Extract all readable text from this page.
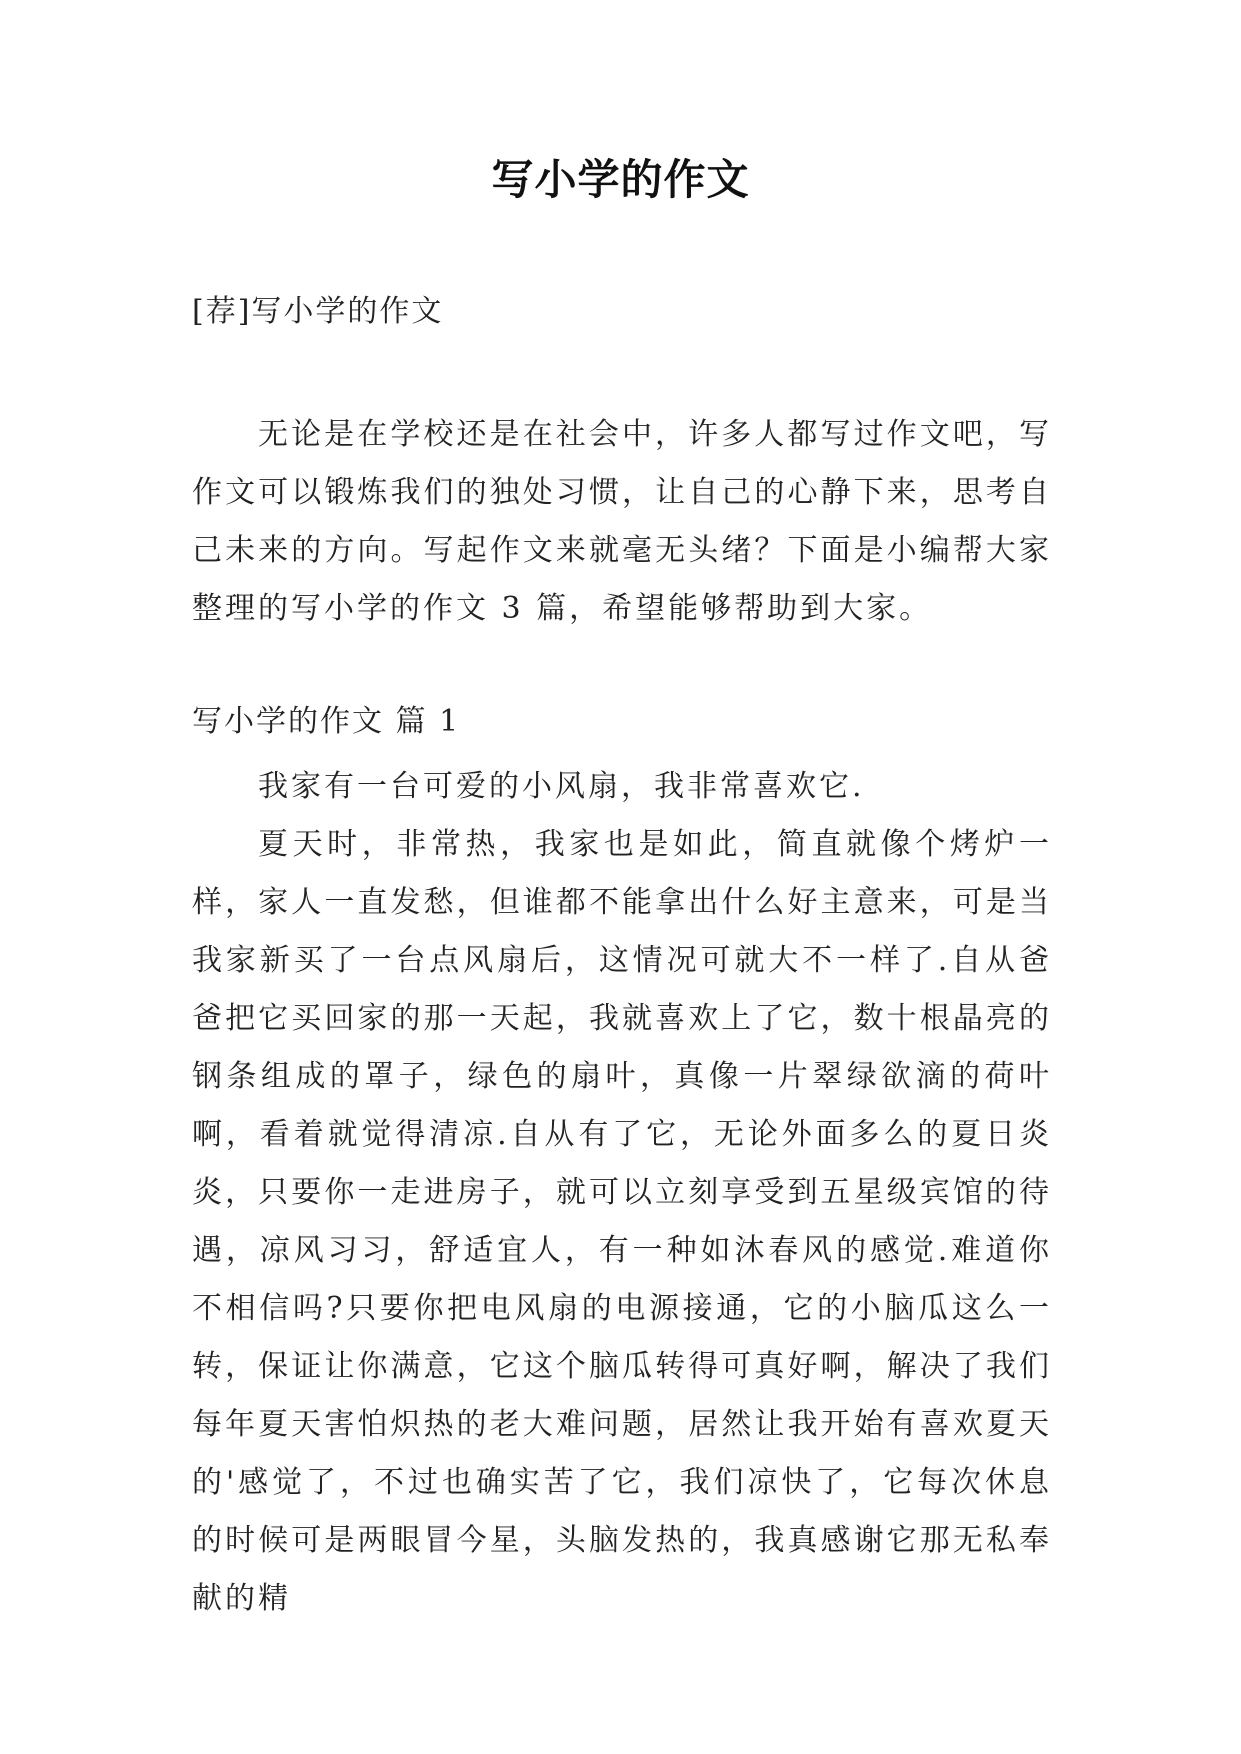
写小学的作文
[荐]写小学的作文

无论是在学校还是在社会中，许多人都写过作文吧，写作文可以锻炼我们的独处习惯，让自己的心静下来，思考自己未来的方向。写起作文来就毫无头绪？下面是小编帮大家整理的写小学的作文 3 篇，希望能够帮助到大家。

写小学的作文 篇 1

我家有一台可爱的小风扇，我非常喜欢它.

夏天时，非常热，我家也是如此，简直就像个烤炉一样，家人一直发愁，但谁都不能拿出什么好主意来，可是当我家新买了一台点风扇后，这情况可就大不一样了.自从爸爸把它买回家的那一天起，我就喜欢上了它，数十根晶亮的钢条组成的罩子，绿色的扇叶，真像一片翠绿欲滴的荷叶啊，看着就觉得清凉.自从有了它，无论外面多么的夏日炎炎，只要你一走进房子，就可以立刻享受到五星级宾馆的待遇，凉风习习，舒适宜人，有一种如沐春风的感觉.难道你不相信吗?只要你把电风扇的电源接通，它的小脑瓜这么一转，保证让你满意，它这个脑瓜转得可真好啊，解决了我们每年夏天害怕炽热的老大难问题，居然让我开始有喜欢夏天的'感觉了，不过也确实苦了它，我们凉快了，它每次休息的时候可是两眼冒今星，头脑发热的，我真感谢它那无私奉献的精
